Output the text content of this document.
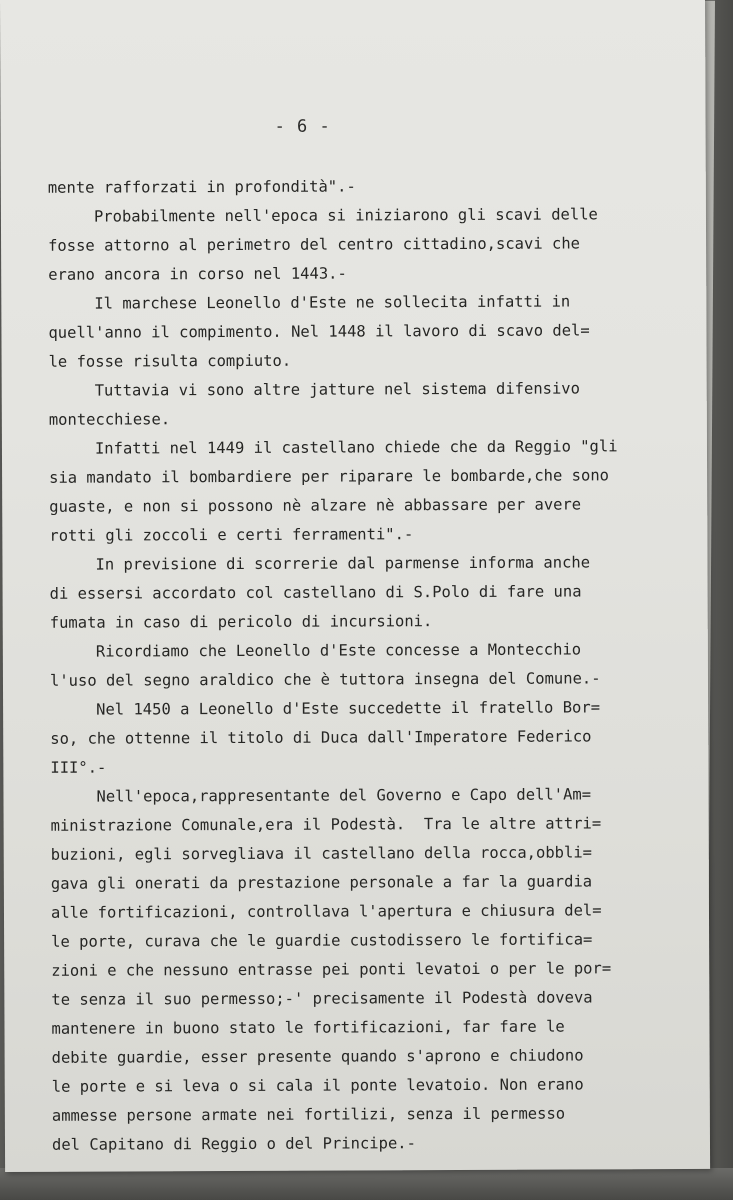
- 6 -
mente rafforzati in profondità".-
Probabilmente nell'epoca si iniziarono gli scavi delle
fosse attorno al perimetro del centro cittadino,scavi che
erano ancora in corso nel 1443.-
Il marchese Leonello d'Este ne sollecita infatti in
quell'anno il compimento. Nel 1448 il lavoro di scavo del=
le fosse risulta compiuto.
Tuttavia vi sono altre jatture nel sistema difensivo
montecchiese.
Infatti nel 1449 il castellano chiede che da Reggio "gli
sia mandato il bombardiere per riparare le bombarde,che sono
guaste, e non si possono nè alzare nè abbassare per avere
rotti gli zoccoli e certi ferramenti".-
In previsione di scorrerie dal parmense informa anche
di essersi accordato col castellano di S.Polo di fare una
fumata in caso di pericolo di incursioni.
Ricordiamo che Leonello d'Este concesse a Montecchio
l'uso del segno araldico che è tuttora insegna del Comune.-
Nel 1450 a Leonello d'Este succedette il fratello Bor=
so, che ottenne il titolo di Duca dall'Imperatore Federico
III°.-
Nell'epoca,rappresentante del Governo e Capo dell'Am=
ministrazione Comunale,era il Podestà.  Tra le altre attri=
buzioni, egli sorvegliava il castellano della rocca,obbli=
gava gli onerati da prestazione personale a far la guardia
alle fortificazioni, controllava l'apertura e chiusura del=
le porte, curava che le guardie custodissero le fortifica=
zioni e che nessuno entrasse pei ponti levatoi o per le por=
te senza il suo permesso;-' precisamente il Podestà doveva
mantenere in buono stato le fortificazioni, far fare le
debite guardie, esser presente quando s'aprono e chiudono
le porte e si leva o si cala il ponte levatoio. Non erano
ammesse persone armate nei fortilizi, senza il permesso
del Capitano di Reggio o del Principe.-
